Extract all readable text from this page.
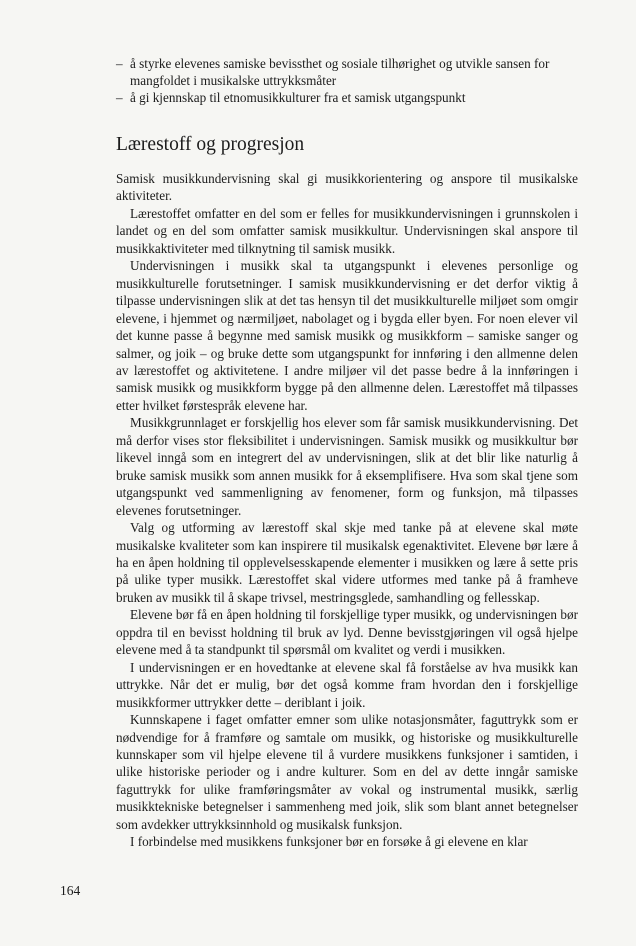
– å styrke elevenes samiske bevissthet og sosiale tilhørighet og utvikle sansen for mangfoldet i musikalske uttrykksmåter
– å gi kjennskap til etnomusikkulturer fra et samisk utgangspunkt
Lærestoff og progresjon

Samisk musikkundervisning skal gi musikkorientering og anspore til musikalske aktiviteter.

Lærestoffet omfatter en del som er felles for musikkundervisningen i grunnskolen i landet og en del som omfatter samisk musikkultur. Undervisningen skal anspore til musikkaktiviteter med tilknytning til samisk musikk.

Undervisningen i musikk skal ta utgangspunkt i elevenes personlige og musikkulturelle forutsetninger. I samisk musikkundervisning er det derfor viktig å tilpasse undervisningen slik at det tas hensyn til det musikkulturelle miljøet som omgir elevene, i hjemmet og nærmiljøet, nabolaget og i bygda eller byen. For noen elever vil det kunne passe å begynne med samisk musikk og musikkform – samiske sanger og salmer, og joik – og bruke dette som utgangspunkt for innføring i den allmenne delen av lærestoffet og aktivitetene. I andre miljøer vil det passe bedre å la innføringen i samisk musikk og musikkform bygge på den allmenne delen. Lærestoffet må tilpasses etter hvilket førstespråk elevene har.

Musikkgrunnlaget er forskjellig hos elever som får samisk musikkundervisning. Det må derfor vises stor fleksibilitet i undervisningen. Samisk musikk og musikkultur bør likevel inngå som en integrert del av undervisningen, slik at det blir like naturlig å bruke samisk musikk som annen musikk for å eksemplifisere. Hva som skal tjene som utgangspunkt ved sammenligning av fenomener, form og funksjon, må tilpasses elevenes forutsetninger.

Valg og utforming av lærestoff skal skje med tanke på at elevene skal møte musikalske kvaliteter som kan inspirere til musikalsk egenaktivitet. Elevene bør lære å ha en åpen holdning til opplevelsesskapende elementer i musikken og lære å sette pris på ulike typer musikk. Lærestoffet skal videre utformes med tanke på å framheve bruken av musikk til å skape trivsel, mestringsglede, samhandling og fellesskap.

Elevene bør få en åpen holdning til forskjellige typer musikk, og undervisningen bør oppdra til en bevisst holdning til bruk av lyd. Denne bevisstgjøringen vil også hjelpe elevene med å ta standpunkt til spørsmål om kvalitet og verdi i musikken.

I undervisningen er en hovedtanke at elevene skal få forståelse av hva musikk kan uttrykke. Når det er mulig, bør det også komme fram hvordan den i forskjellige musikkformer uttrykker dette – deriblant i joik.

Kunnskapene i faget omfatter emner som ulike notasjonsmåter, faguttrykk som er nødvendige for å framføre og samtale om musikk, og historiske og musikkulturelle kunnskaper som vil hjelpe elevene til å vurdere musikkens funksjoner i samtiden, i ulike historiske perioder og i andre kulturer. Som en del av dette inngår samiske faguttrykk for ulike framføringsmåter av vokal og instrumental musikk, særlig musikktekniske betegnelser i sammenheng med joik, slik som blant annet betegnelser som avdekker uttrykksinnhold og musikalsk funksjon.

I forbindelse med musikkens funksjoner bør en forsøke å gi elevene en klar

164
